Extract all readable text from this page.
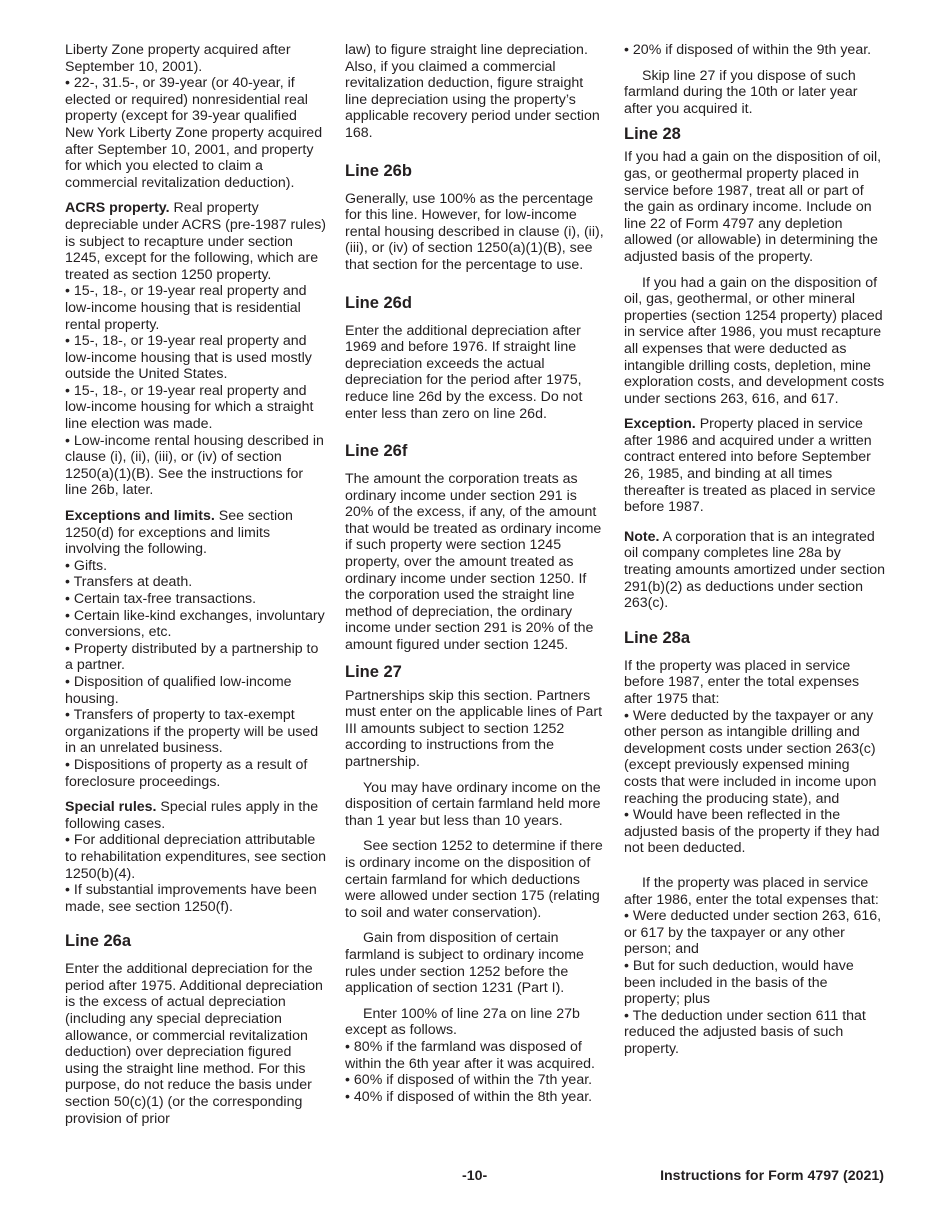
Liberty Zone property acquired after September 10, 2001).

• 22-, 31.5-, or 39-year (or 40-year, if elected or required) nonresidential real property (except for 39-year qualified New York Liberty Zone property acquired after September 10, 2001, and property for which you elected to claim a commercial revitalization deduction).

ACRS property. Real property depreciable under ACRS (pre-1987 rules) is subject to recapture under section 1245, except for the following, which are treated as section 1250 property.

• 15-, 18-, or 19-year real property and low-income housing that is residential rental property.

• 15-, 18-, or 19-year real property and low-income housing that is used mostly outside the United States.

• 15-, 18-, or 19-year real property and low-income housing for which a straight line election was made.

• Low-income rental housing described in clause (i), (ii), (iii), or (iv) of section 1250(a)(1)(B). See the instructions for line 26b, later.

Exceptions and limits. See section 1250(d) for exceptions and limits involving the following.

• Gifts.

• Transfers at death.

• Certain tax-free transactions.

• Certain like-kind exchanges, involuntary conversions, etc.

• Property distributed by a partnership to a partner.

• Disposition of qualified low-income housing.

• Transfers of property to tax-exempt organizations if the property will be used in an unrelated business.

• Dispositions of property as a result of foreclosure proceedings.

Special rules. Special rules apply in the following cases.

• For additional depreciation attributable to rehabilitation expenditures, see section 1250(b)(4).

• If substantial improvements have been made, see section 1250(f).

Line 26a

Enter the additional depreciation for the period after 1975. Additional depreciation is the excess of actual depreciation (including any special depreciation allowance, or commercial revitalization deduction) over depreciation figured using the straight line method. For this purpose, do not reduce the basis under section 50(c)(1) (or the corresponding provision of prior

law) to figure straight line depreciation. Also, if you claimed a commercial revitalization deduction, figure straight line depreciation using the property’s applicable recovery period under section 168.

Line 26b

Generally, use 100% as the percentage for this line. However, for low-income rental housing described in clause (i), (ii), (iii), or (iv) of section 1250(a)(1)(B), see that section for the percentage to use.

Line 26d

Enter the additional depreciation after 1969 and before 1976. If straight line depreciation exceeds the actual depreciation for the period after 1975, reduce line 26d by the excess. Do not enter less than zero on line 26d.

Line 26f

The amount the corporation treats as ordinary income under section 291 is 20% of the excess, if any, of the amount that would be treated as ordinary income if such property were section 1245 property, over the amount treated as ordinary income under section 1250. If the corporation used the straight line method of depreciation, the ordinary income under section 291 is 20% of the amount figured under section 1245.

Line 27

Partnerships skip this section. Partners must enter on the applicable lines of Part III amounts subject to section 1252 according to instructions from the partnership.

You may have ordinary income on the disposition of certain farmland held more than 1 year but less than 10 years.

See section 1252 to determine if there is ordinary income on the disposition of certain farmland for which deductions were allowed under section 175 (relating to soil and water conservation).

Gain from disposition of certain farmland is subject to ordinary income rules under section 1252 before the application of section 1231 (Part I).

Enter 100% of line 27a on line 27b except as follows.

• 80% if the farmland was disposed of within the 6th year after it was acquired.

• 60% if disposed of within the 7th year.

• 40% if disposed of within the 8th year.

• 20% if disposed of within the 9th year.

Skip line 27 if you dispose of such farmland during the 10th or later year after you acquired it.

Line 28

If you had a gain on the disposition of oil, gas, or geothermal property placed in service before 1987, treat all or part of the gain as ordinary income. Include on line 22 of Form 4797 any depletion allowed (or allowable) in determining the adjusted basis of the property.

If you had a gain on the disposition of oil, gas, geothermal, or other mineral properties (section 1254 property) placed in service after 1986, you must recapture all expenses that were deducted as intangible drilling costs, depletion, mine exploration costs, and development costs under sections 263, 616, and 617.

Exception. Property placed in service after 1986 and acquired under a written contract entered into before September 26, 1985, and binding at all times thereafter is treated as placed in service before 1987.

Note. A corporation that is an integrated oil company completes line 28a by treating amounts amortized under section 291(b)(2) as deductions under section 263(c).

Line 28a

If the property was placed in service before 1987, enter the total expenses after 1975 that:

• Were deducted by the taxpayer or any other person as intangible drilling and development costs under section 263(c) (except previously expensed mining costs that were included in income upon reaching the producing state), and

• Would have been reflected in the adjusted basis of the property if they had not been deducted.

If the property was placed in service after 1986, enter the total expenses that:

• Were deducted under section 263, 616, or 617 by the taxpayer or any other person; and

• But for such deduction, would have been included in the basis of the property; plus

• The deduction under section 611 that reduced the adjusted basis of such property.

-10-	Instructions for Form 4797 (2021)
